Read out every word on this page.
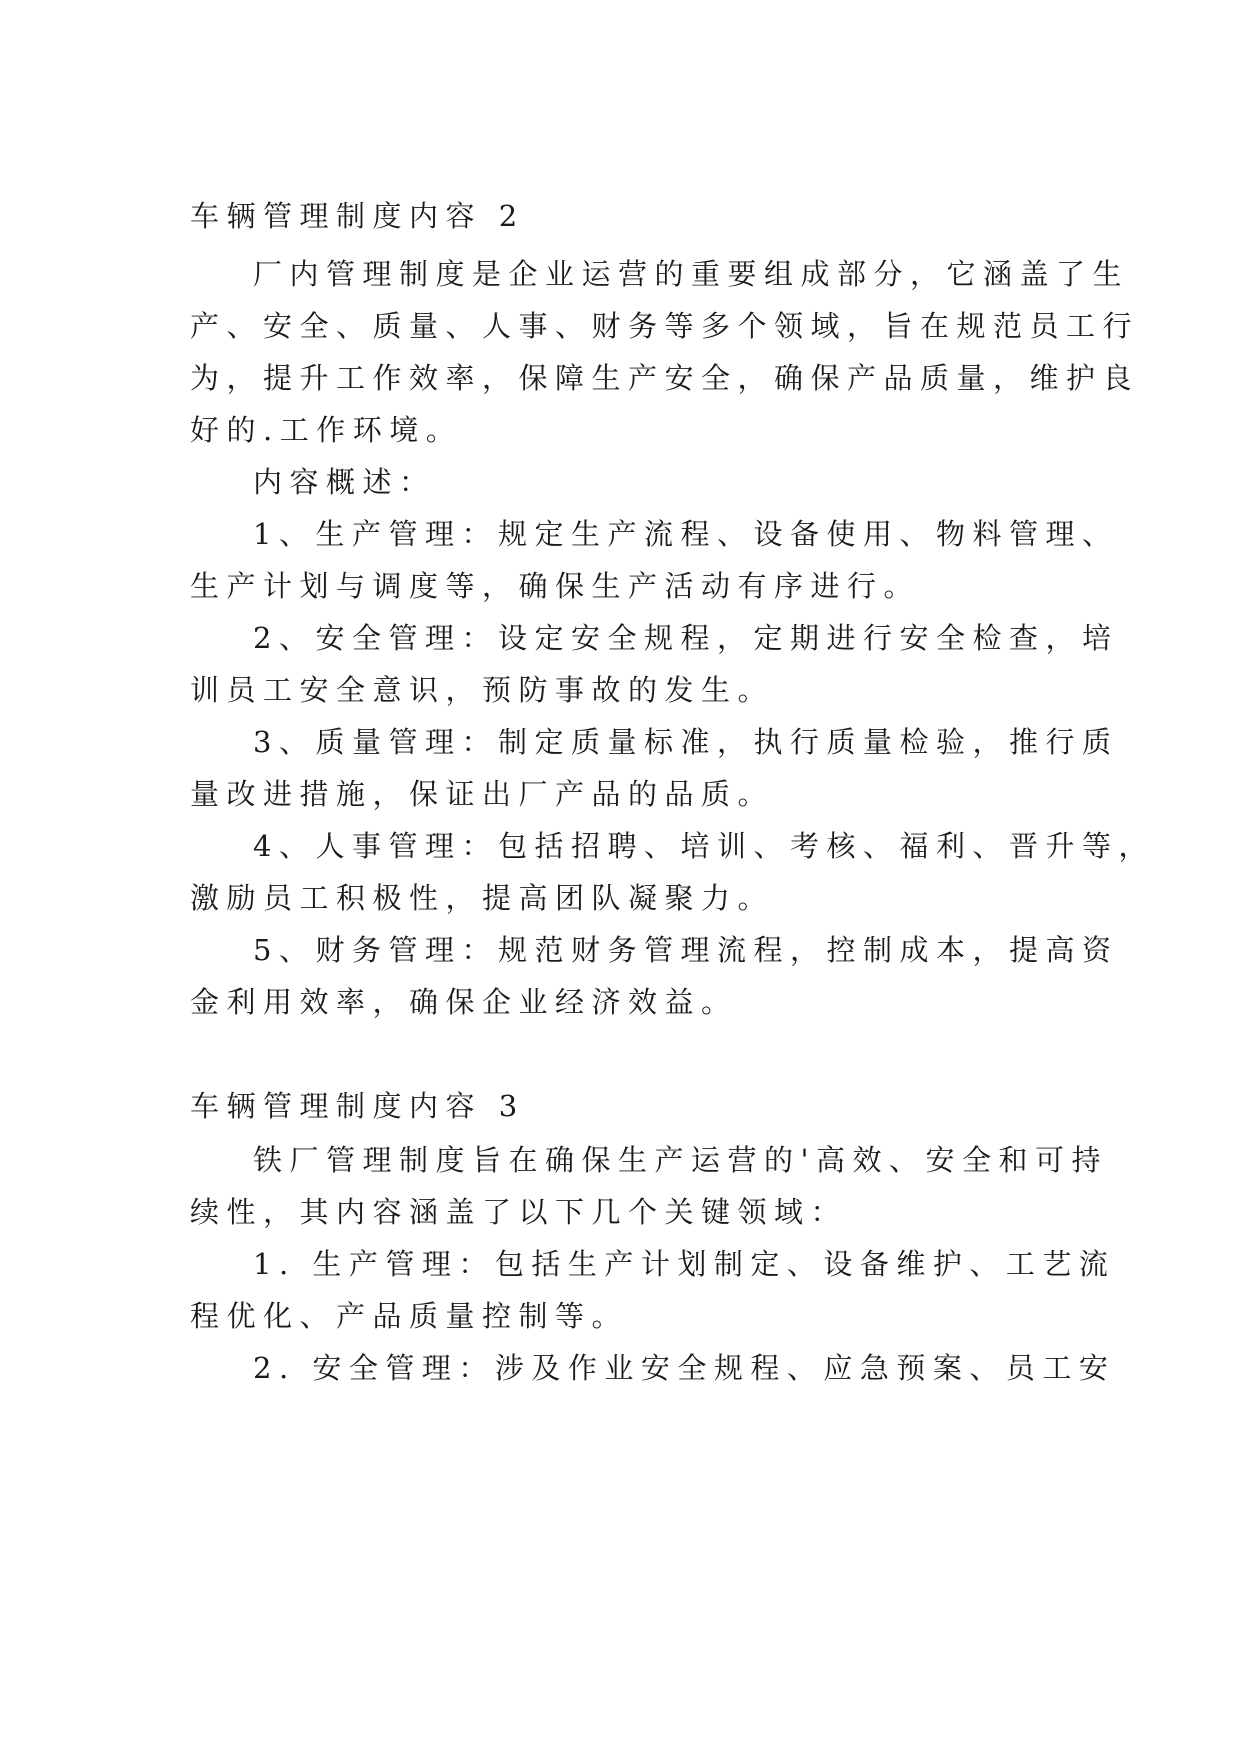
车辆管理制度内容 2
厂内管理制度是企业运营的重要组成部分，它涵盖了生
产、安全、质量、人事、财务等多个领域，旨在规范员工行
为，提升工作效率，保障生产安全，确保产品质量，维护良
好的.工作环境。
内容概述：
1、生产管理：规定生产流程、设备使用、物料管理、
生产计划与调度等，确保生产活动有序进行。
2、安全管理：设定安全规程，定期进行安全检查，培
训员工安全意识，预防事故的发生。
3、质量管理：制定质量标准，执行质量检验，推行质
量改进措施，保证出厂产品的品质。
4、人事管理：包括招聘、培训、考核、福利、晋升等，
激励员工积极性，提高团队凝聚力。
5、财务管理：规范财务管理流程，控制成本，提高资
金利用效率，确保企业经济效益。
车辆管理制度内容 3
铁厂管理制度旨在确保生产运营的'高效、安全和可持
续性，其内容涵盖了以下几个关键领域：
1. 生产管理：包括生产计划制定、设备维护、工艺流
程优化、产品质量控制等。
2. 安全管理：涉及作业安全规程、应急预案、员工安
